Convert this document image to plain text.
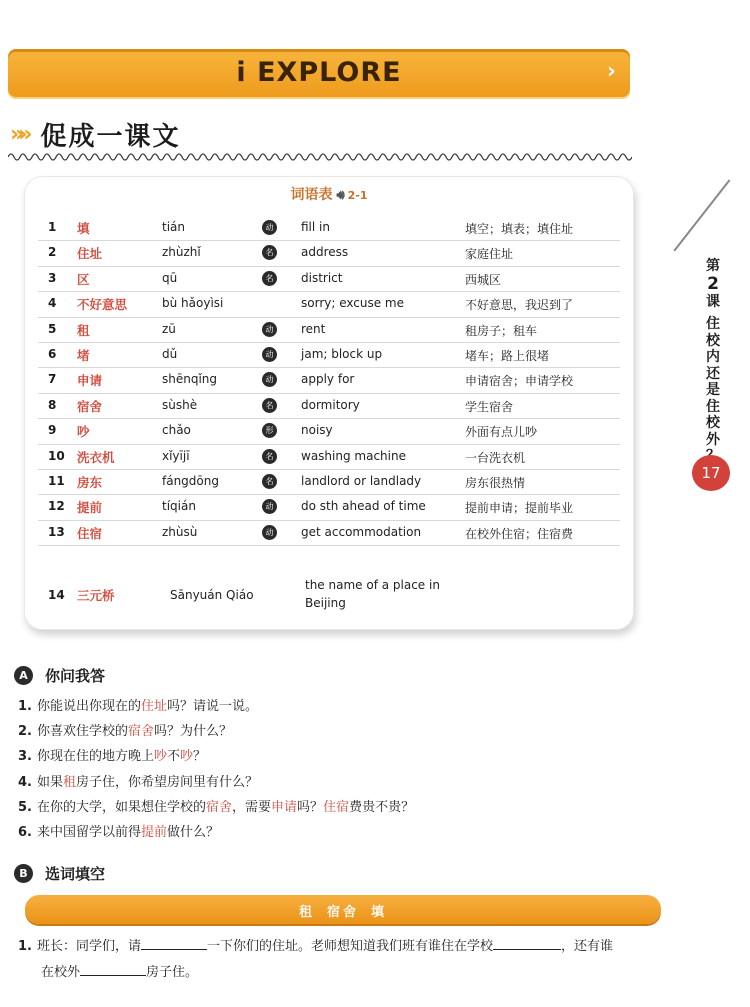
i EXPLORE	›
»» 促成一课文
词语表 🔊︎ 2-1
1 填	tián	动 fill in	填空；填表；填住址
2 住址	zhùzhǐ	名 address	家庭住址
3 区	qū	名 district	西城区
4 不好意思	bù hǎoyìsi	sorry; excuse me	不好意思，我迟到了
5 租	zū	动 rent	租房子；租车
6 堵	dǔ	动 jam; block up	堵车；路上很堵
7 申请	shēnqǐng	动 apply for	申请宿舍；申请学校
8 宿舍	sùshè	名 dormitory	学生宿舍
9 吵	chǎo	形 noisy	外面有点儿吵
10 洗衣机	xǐyījī	名 washing machine	一台洗衣机
11 房东	fángdōng	名 landlord or landlady	房东很热情
12 提前	tíqián	动 do sth ahead of time	提前申请；提前毕业
13 住宿	zhùsù	动 get accommodation	在校外住宿；住宿费
14 三元桥	Sānyuán Qiáo
the name of a place in
Beijing
第
2
课
住
校
内
还
是
住
校
外
17
A	你问我答
1. 你能说出你现在的住址吗？请说一说。
2. 你喜欢住学校的宿舍吗？为什么？
3. 你现在住的地方晚上吵不吵？
4. 如果租房子住，你希望房间里有什么？
5. 在你的大学，如果想住学校的宿舍，需要申请吗？住宿费贵不贵？
6. 来中国留学以前得提前做什么？
B	选词填空
租 宿舍 填
1. 班长：同学们，请	一下你们的住址。老师想知道我们班有谁住在学校	，还有谁
在校外	房子住。
